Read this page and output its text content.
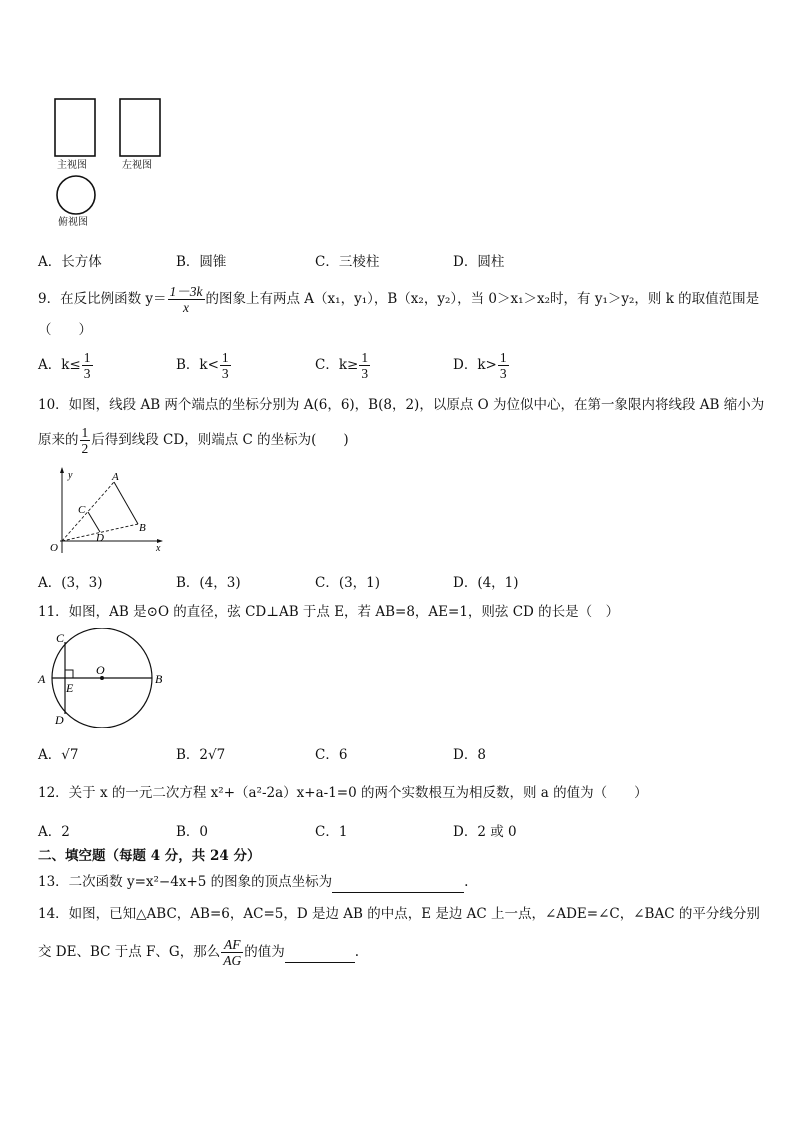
主视图	左视图
俯视图
A．长方体	B．圆锥	C．三棱柱	D．圆柱
9．在反比例函数 $y= \frac{1-3k}{x}$ 的图象上有两点 A（x₁，y₁），B（x₂，y₂），当 0＞x₁＞x₂时，有 y₁＞y₂，则 k 的取值范围是
（　　）
A．$k\le \frac{1}{3}$	B．$k< \frac{1}{3}$	C．$k\ge \frac{1}{3}$	D．$k> \frac{1}{3}$
10．如图，线段 AB 两个端点的坐标分别为 A(6，6)，B(8，2)，以原点 O 为位似中心，在第一象限内将线段 AB 缩小为
原来的 $\frac{1}{2}$ 后得到线段 CD，则端点 C 的坐标为(　　)
y
x
O
A
B
C
D
A．(3，3)	B．(4，3)	C．(3，1)	D．(4，1)
11．如图，AB 是⊙O 的直径，弦 CD⊥AB 于点 E，若 AB=8，AE=1，则弦 CD 的长是（　）
A	B
C
D
E
O
A．√7	B．2√7	C．6	D．8
12．关于 x 的一元二次方程 x²+（a²-2a）x+a-1=0 的两个实数根互为相反数，则 a 的值为（　　）
A．2	B．0	C．1	D．2 或 0
二、填空题（每题 4 分，共 24 分）
13．二次函数 y=x²−4x+5 的图象的顶点坐标为	.
14．如图，已知△ABC，AB=6，AC=5，D 是边 AB 的中点，E 是边 AC 上一点，∠ADE=∠C，∠BAC 的平分线分别
交 DE、BC 于点 F、G，那么 $\frac{AF}{AG}$ 的值为	.
